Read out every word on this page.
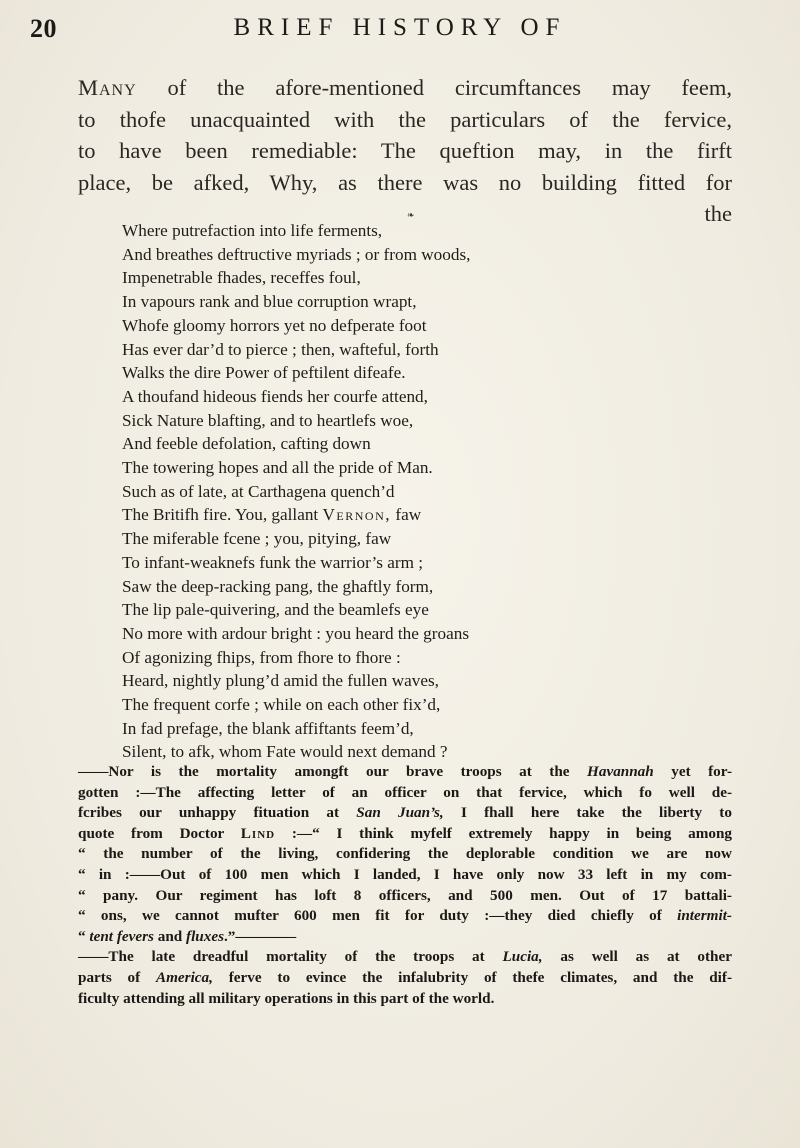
20	BRIEF HISTORY OF
Many of the afore-mentioned circumftances may feem,
to thofe unacquainted with the particulars of the fervice,
to have been remediable: The queftion may, in the firft
place, be afked, Why, as there was no building fitted for
the
❧
Where putrefaction into life ferments,
And breathes deftructive myriads ; or from woods,
Impenetrable fhades, receffes foul,
In vapours rank and blue corruption wrapt,
Whofe gloomy horrors yet no defperate foot
Has ever dar’d to pierce ; then, wafteful, forth
Walks the dire Power of peftilent difeafe.
A thoufand hideous fiends her courfe attend,
Sick Nature blafting, and to heartlefs woe,
And feeble defolation, cafting down
The towering hopes and all the pride of Man.
Such as of late, at Carthagena quench’d
The Britifh fire. You, gallant Vernon, faw
The miferable fcene ; you, pitying, faw
To infant-weaknefs funk the warrior’s arm ;
Saw the deep-racking pang, the ghaftly form,
The lip pale-quivering, and the beamlefs eye
No more with ardour bright : you heard the groans
Of agonizing fhips, from fhore to fhore :
Heard, nightly plung’d amid the fullen waves,
The frequent corfe ; while on each other fix’d,
In fad prefage, the blank affiftants feem’d,
Silent, to afk, whom Fate would next demand ?
——Nor is the mortality amongft our brave troops at the Havannah yet for-
gotten :—The affecting letter of an officer on that fervice, which fo well de-
fcribes our unhappy fituation at San Juan’s, I fhall here take the liberty to
quote from Doctor Lind :—“ I think myfelf extremely happy in being among
“ the number of the living, confidering the deplorable condition we are now
“ in :——Out of 100 men which I landed, I have only now 33 left in my com-
“ pany. Our regiment has loft 8 officers, and 500 men. Out of 17 battali-
“ ons, we cannot mufter 600 men fit for duty :—they died chiefly of intermit-
“ tent fevers and fluxes.”————
——The late dreadful mortality of the troops at Lucia, as well as at other
parts of America, ferve to evince the infalubrity of thefe climates, and the dif-
ficulty attending all military operations in this part of the world.
